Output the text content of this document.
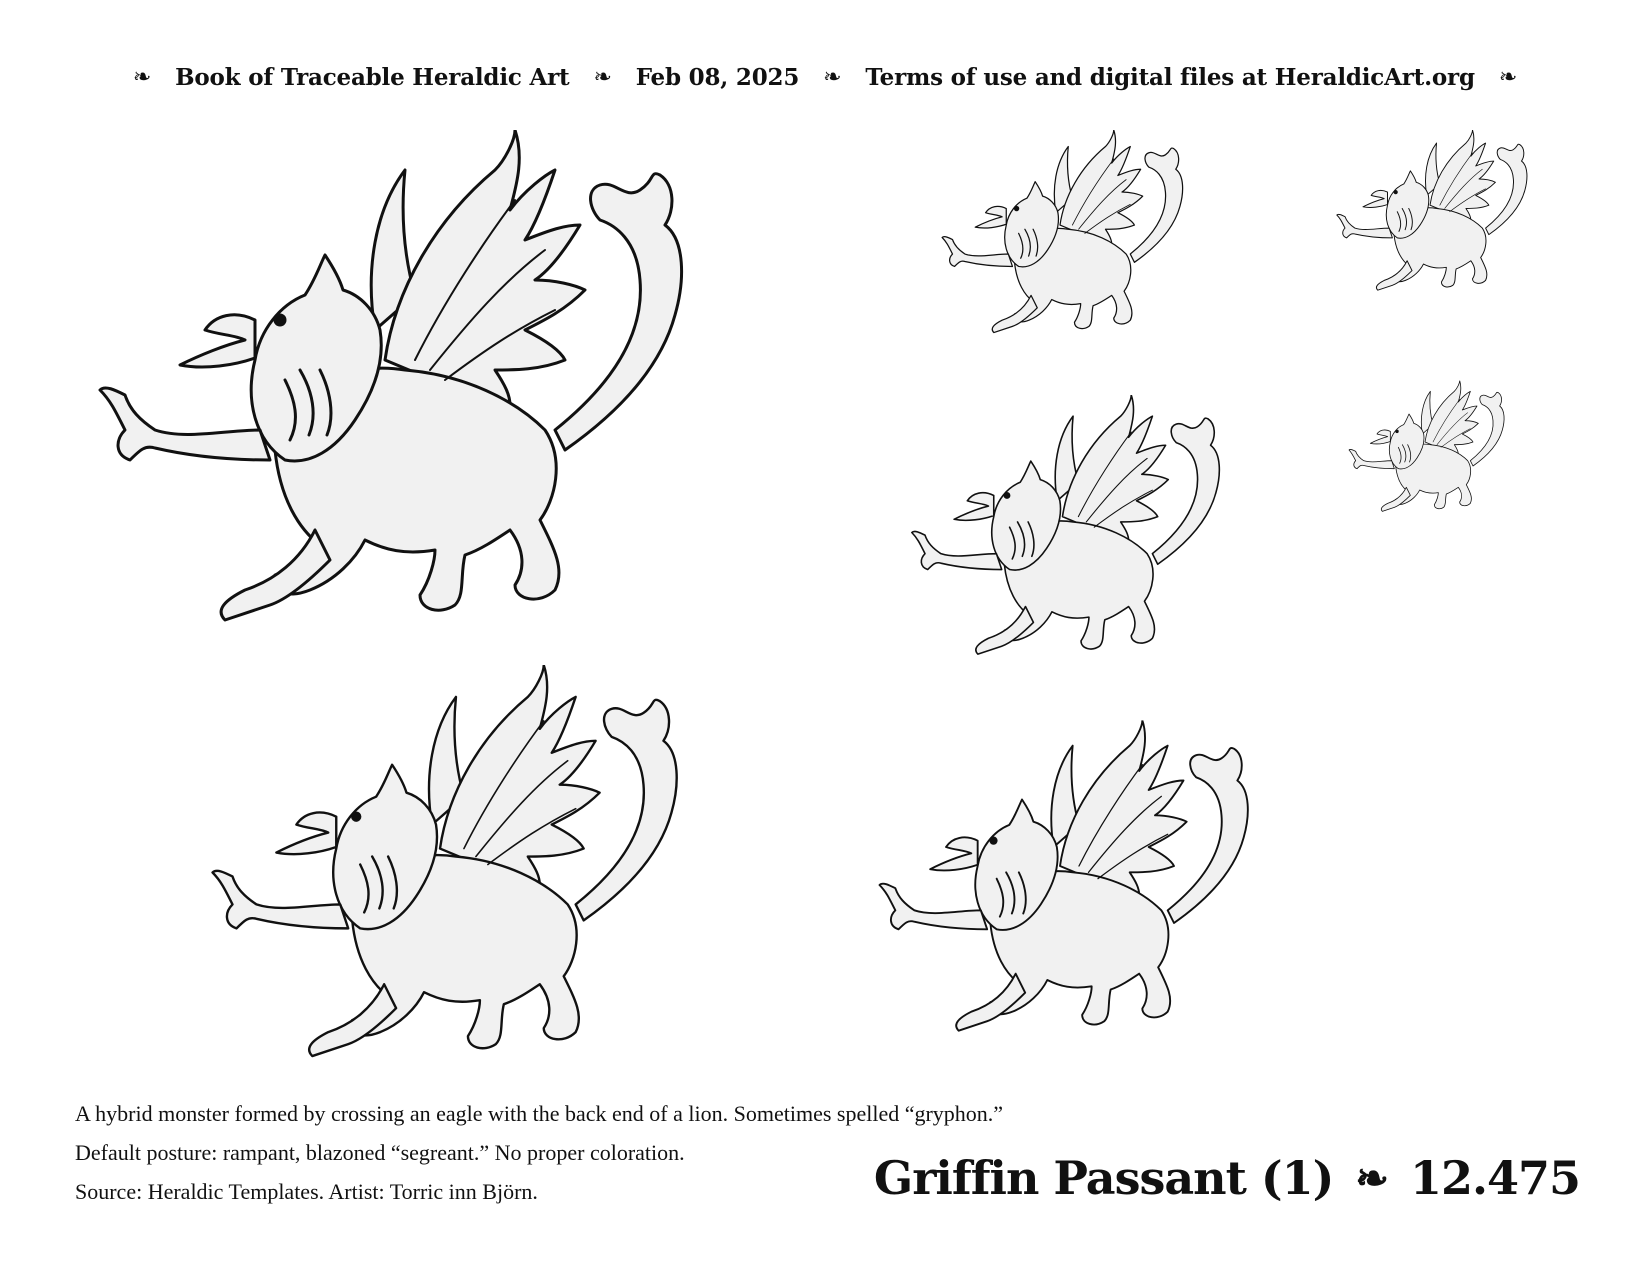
❧ Book of Traceable Heraldic Art ❧ Feb 08, 2025 ❧ Terms of use and digital files at HeraldicArt.org ❧
A hybrid monster formed by crossing an eagle with the back end of a lion. Sometimes spelled “gryphon.”
Default posture: rampant, blazoned “segreant.” No proper coloration.
Source: Heraldic Templates. Artist: Torric inn Björn.	Griffin Passant (1) ❧ 12.475
